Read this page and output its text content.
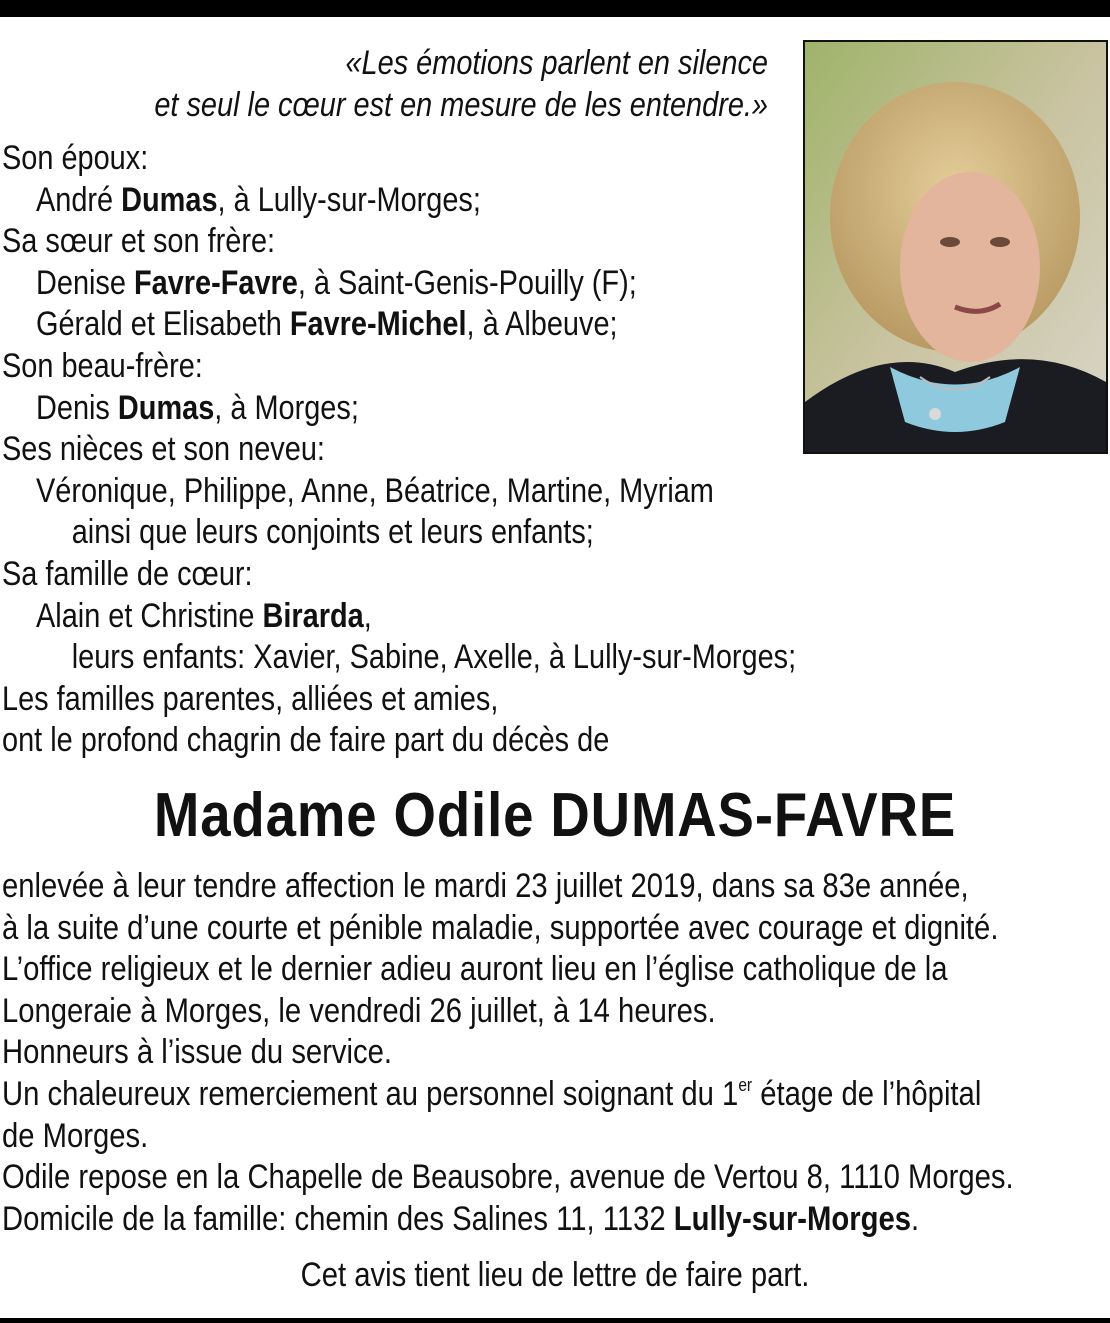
«Les émotions parlent en silence
et seul le cœur est en mesure de les entendre.»
Son époux:
André Dumas, à Lully-sur-Morges;
Sa sœur et son frère:
Denise Favre-Favre, à Saint-Genis-Pouilly (F);
Gérald et Elisabeth Favre-Michel, à Albeuve;
Son beau-frère:
Denis Dumas, à Morges;
Ses nièces et son neveu:
Véronique, Philippe, Anne, Béatrice, Martine, Myriam
ainsi que leurs conjoints et leurs enfants;
Sa famille de cœur:
Alain et Christine Birarda,
leurs enfants: Xavier, Sabine, Axelle, à Lully-sur-Morges;
Les familles parentes, alliées et amies,
ont le profond chagrin de faire part du décès de
Madame Odile DUMAS-FAVRE
enlevée à leur tendre affection le mardi 23 juillet 2019, dans sa 83e année,
à la suite d’une courte et pénible maladie, supportée avec courage et dignité.
L’office religieux et le dernier adieu auront lieu en l’église catholique de la
Longeraie à Morges, le vendredi 26 juillet, à 14 heures.
Honneurs à l’issue du service.
Un chaleureux remerciement au personnel soignant du 1er étage de l’hôpital
de Morges.
Odile repose en la Chapelle de Beausobre, avenue de Vertou 8, 1110 Morges.
Domicile de la famille: chemin des Salines 11, 1132 Lully-sur-Morges.
Cet avis tient lieu de lettre de faire part.
